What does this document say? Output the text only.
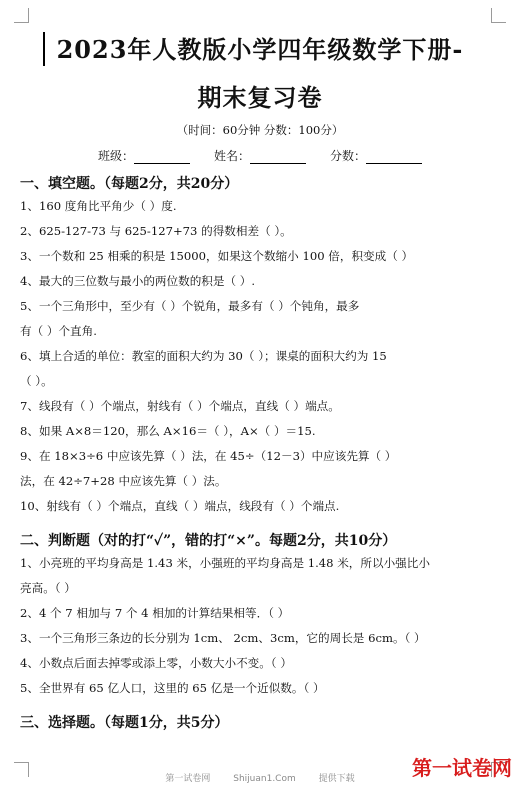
2023年人教版小学四年级数学下册-
期末复习卷
（时间：60分钟 分数：100分）
班级：	姓名：	分数：
一、填空题。（每题2分，共20分）
1、160 度角比平角少（ ）度.
2、625-127-73 与 625-127+73 的得数相差（ ）。
3、一个数和 25 相乘的积是 15000，如果这个数缩小 100 倍，积变成（ ）
4、最大的三位数与最小的两位数的积是（ ）.
5、一个三角形中，至少有（ ）个锐角，最多有（ ）个钝角，最多
有（ ）个直角.
6、填上合适的单位：教室的面积大约为 30（ ）；课桌的面积大约为 15
（ ）。
7、线段有（ ）个端点，射线有（ ）个端点，直线（ ）端点。
8、如果 A×8＝120，那么 A×16＝（ ），A×（ ）＝15.
9、在 18×3÷6 中应该先算（ ）法，在 45÷（12－3）中应该先算（ ）
法，在 42÷7+28 中应该先算（ ）法。
10、射线有（ ）个端点，直线（ ）端点，线段有（ ）个端点.
二、判断题（对的打“✓”，错的打“×”。每题2分，共10分）
1、小亮班的平均身高是 1.43 米，小强班的平均身高是 1.48 米，所以小强比小
亮高。（ ）
2、4 个 7 相加与 7 个 4 相加的计算结果相等．（ ）
3、一个三角形三条边的长分别为 1cm、 2cm、3cm，它的周长是 6cm。（ ）
4、小数点后面去掉零或添上零，小数大小不变。（ ）
5、全世界有 65 亿人口，这里的 65 亿是一个近似数。（ ）
三、选择题。（每题1分，共5分）
第一试卷网	Shijuan1.Com	提供下载	第一试卷网
